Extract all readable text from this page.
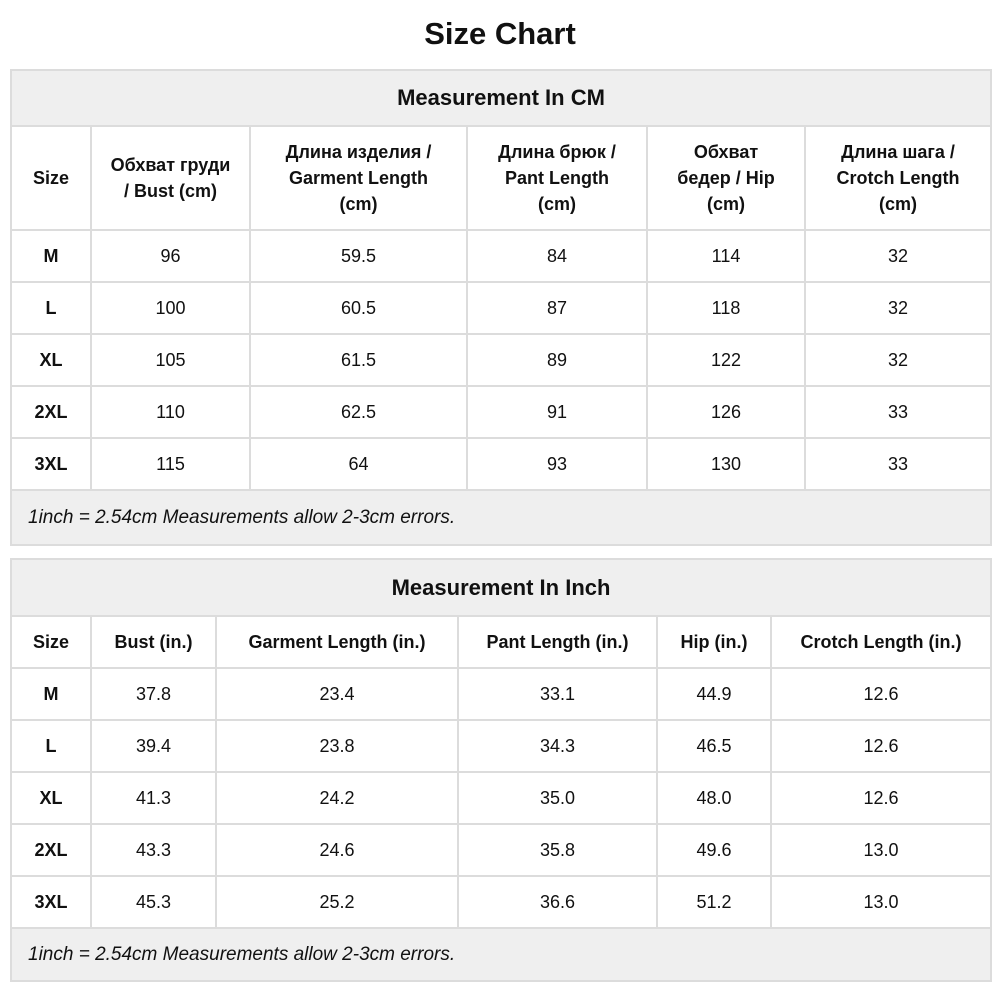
Size Chart
Measurement In CM					

Size	Обхват груди
/ Bust (cm)	Длина изделия /
Garment Length
(cm)	Длина брюк /
Pant Length
(cm)	Обхват
бедер / Hip
(cm)	Длина шага /
Crotch Length
(cm)

M	96	59.5	84	114	32
L	100	60.5	87	118	32
XL	105	61.5	89	122	32
2XL	110	62.5	91	126	33
3XL	115	64	93	130	33
1inch = 2.54cm Measurements allow 2-3cm errors.					
Measurement In Inch					

Size	Bust (in.)	Garment Length (in.)	Pant Length (in.)	Hip (in.)	Crotch Length (in.)

M	37.8	23.4	33.1	44.9	12.6
L	39.4	23.8	34.3	46.5	12.6
XL	41.3	24.2	35.0	48.0	12.6
2XL	43.3	24.6	35.8	49.6	13.0
3XL	45.3	25.2	36.6	51.2	13.0
1inch = 2.54cm Measurements allow 2-3cm errors.					
